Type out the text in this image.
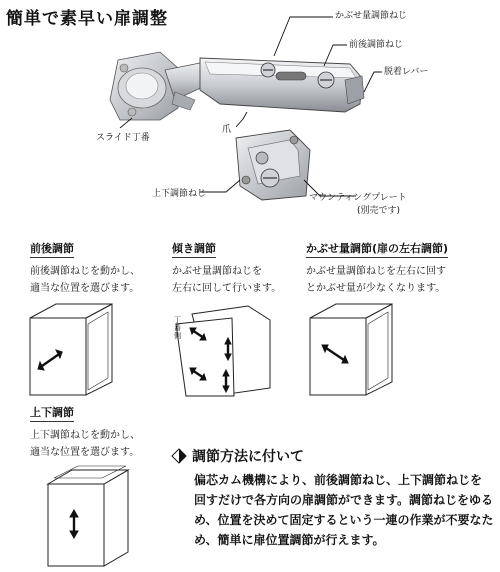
簡単で素早い扉調整	かぶせ量調節ねじ
前後調節ねじ
脱着レバー
スライド丁番
爪
上下調節ねじ	マウンティングプレート
(別売です)
前後調節
前後調節ねじを動かし、
適当な位置を選びます。
傾き調節
かぶせ量調節ねじを
左右に回して行います。
かぶせ量調節(扉の左右調節)
かぶせ量調節ねじを左右に回す
とかぶせ量が少なくなります。
丁番側
上下調節
上下調節ねじを動かし、
適当な位置を選びます。	調節方法に付いて
偏芯カム機構により、前後調節ねじ、上下調節ねじを回すだけで各方向の扉調節ができます。調節ねじをゆるめ、位置を決めて固定するという一連の作業が不要なため、簡単に扉位置調節が行えます。
